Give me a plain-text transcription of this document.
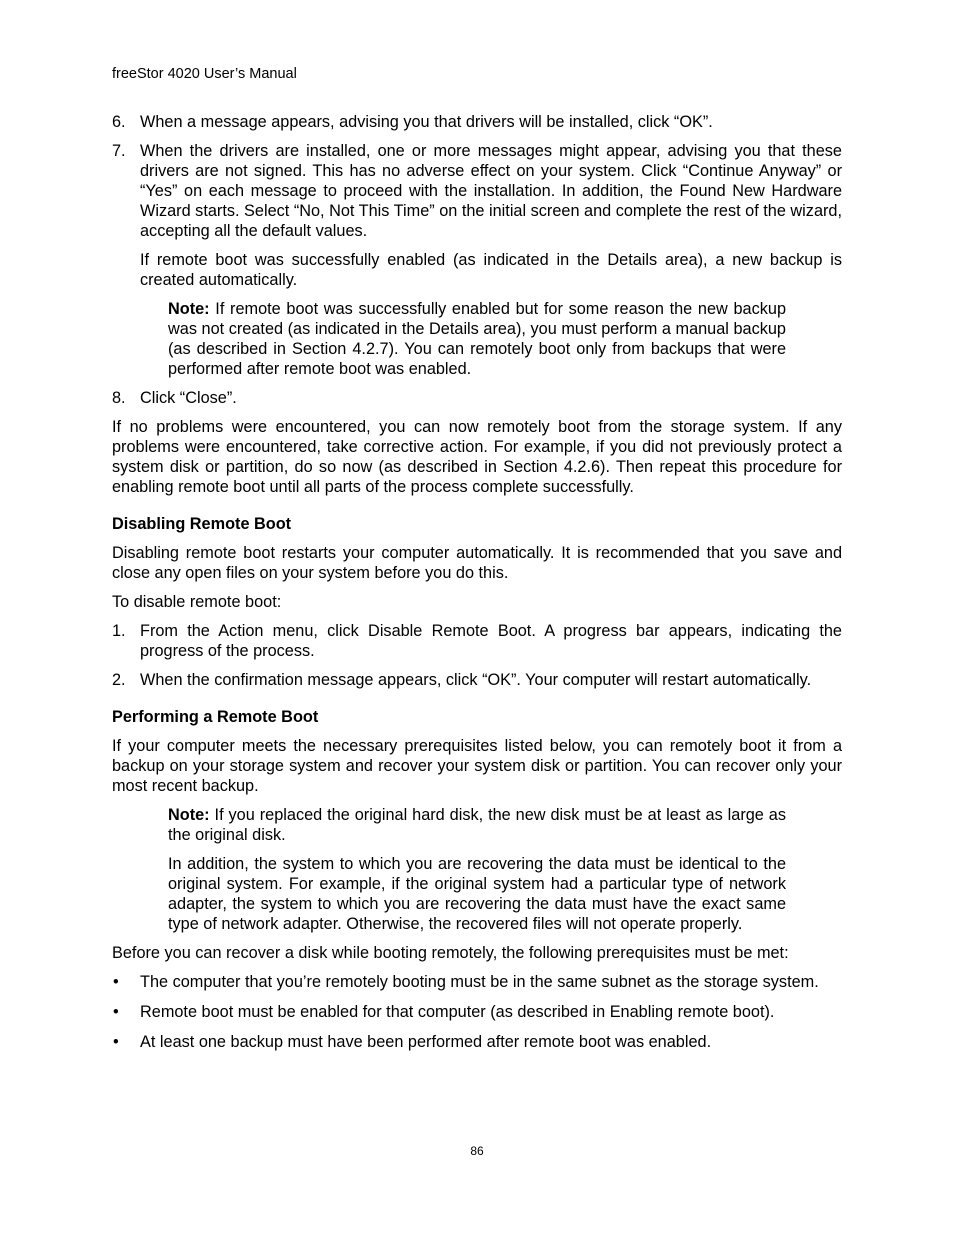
freeStor 4020 User’s Manual
6. When a message appears, advising you that drivers will be installed, click “OK”.
7. When the drivers are installed, one or more messages might appear, advising you that these drivers are not signed. This has no adverse effect on your system. Click “Continue Anyway” or “Yes” on each message to proceed with the installation. In addition, the Found New Hardware Wizard starts. Select “No, Not This Time” on the initial screen and complete the rest of the wizard, accepting all the default values.
If remote boot was successfully enabled (as indicated in the Details area), a new backup is created automatically.
Note: If remote boot was successfully enabled but for some reason the new backup was not created (as indicated in the Details area), you must perform a manual backup (as described in Section 4.2.7). You can remotely boot only from backups that were performed after remote boot was enabled.
8. Click “Close”.
If no problems were encountered, you can now remotely boot from the storage system. If any problems were encountered, take corrective action. For example, if you did not previously protect a system disk or partition, do so now (as described in Section 4.2.6). Then repeat this procedure for enabling remote boot until all parts of the process complete successfully.
Disabling Remote Boot
Disabling remote boot restarts your computer automatically. It is recommended that you save and close any open files on your system before you do this.
To disable remote boot:
1. From the Action menu, click Disable Remote Boot. A progress bar appears, indicating the progress of the process.
2. When the confirmation message appears, click “OK”. Your computer will restart automatically.
Performing a Remote Boot
If your computer meets the necessary prerequisites listed below, you can remotely boot it from a backup on your storage system and recover your system disk or partition. You can recover only your most recent backup.
Note: If you replaced the original hard disk, the new disk must be at least as large as the original disk.
In addition, the system to which you are recovering the data must be identical to the original system. For example, if the original system had a particular type of network adapter, the system to which you are recovering the data must have the exact same type of network adapter. Otherwise, the recovered files will not operate properly.
Before you can recover a disk while booting remotely, the following prerequisites must be met:
• The computer that you’re remotely booting must be in the same subnet as the storage system.
• Remote boot must be enabled for that computer (as described in Enabling remote boot).
• At least one backup must have been performed after remote boot was enabled.
86
